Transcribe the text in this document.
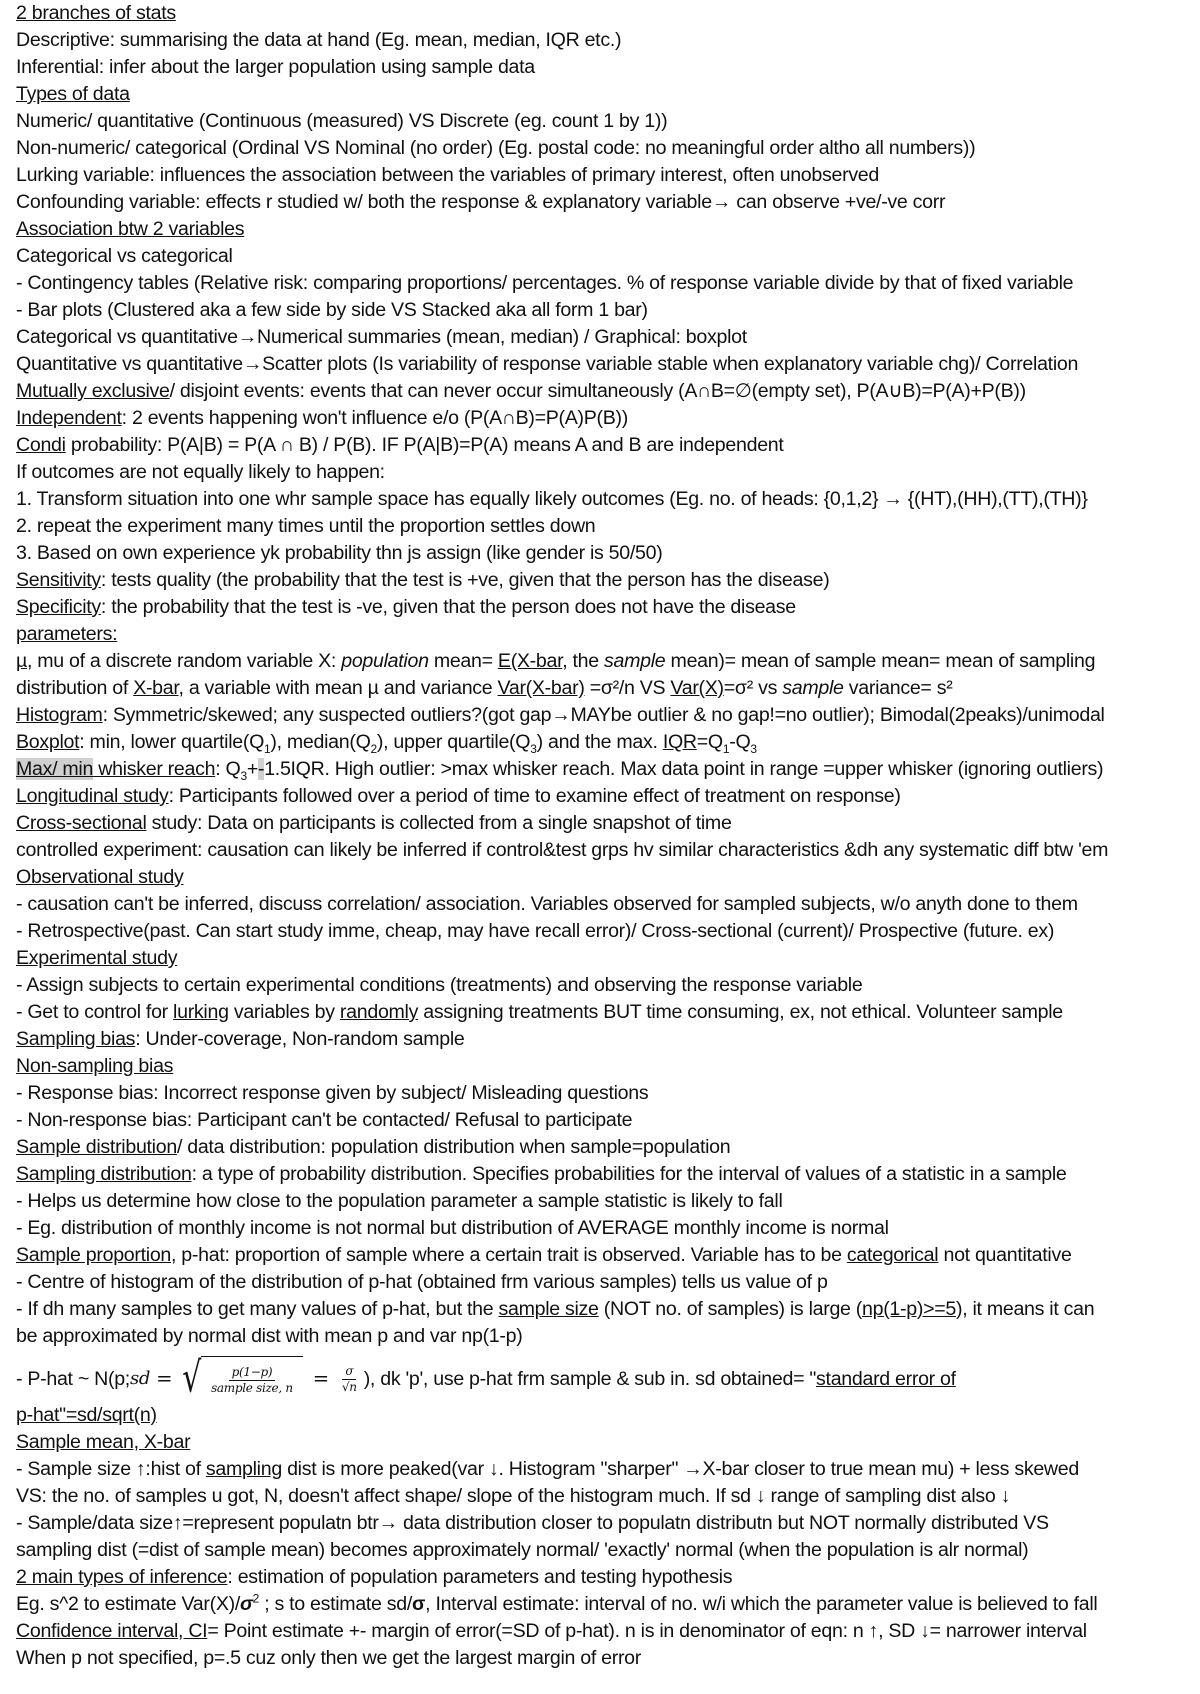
2 branches of stats
Descriptive: summarising the data at hand (Eg. mean, median, IQR etc.)
Inferential: infer about the larger population using sample data
Types of data
Numeric/ quantitative (Continuous (measured) VS Discrete (eg. count 1 by 1))
Non-numeric/ categorical (Ordinal VS Nominal (no order) (Eg. postal code: no meaningful order altho all numbers))
Lurking variable: influences the association between the variables of primary interest, often unobserved
Confounding variable: effects r studied w/ both the response & explanatory variable→ can observe +ve/-ve corr
Association btw 2 variables
Categorical vs categorical
- Contingency tables (Relative risk: comparing proportions/ percentages. % of response variable divide by that of fixed variable
- Bar plots (Clustered aka a few side by side VS Stacked aka all form 1 bar)
Categorical vs quantitative→Numerical summaries (mean, median) / Graphical: boxplot
Quantitative vs quantitative→Scatter plots (Is variability of response variable stable when explanatory variable chg)/ Correlation
Mutually exclusive/ disjoint events: events that can never occur simultaneously (A∩B=∅(empty set), P(A∪B)=P(A)+P(B))
Independent: 2 events happening won't influence e/o (P(A∩B)=P(A)P(B))
Condi probability: P(A|B) = P(A ∩ B) / P(B). IF P(A|B)=P(A) means A and B are independent
If outcomes are not equally likely to happen:
1. Transform situation into one whr sample space has equally likely outcomes (Eg. no. of heads: {0,1,2} → {(HT),(HH),(TT),(TH)}
2. repeat the experiment many times until the proportion settles down
3. Based on own experience yk probability thn js assign (like gender is 50/50)
Sensitivity: tests quality (the probability that the test is +ve, given that the person has the disease)
Specificity: the probability that the test is -ve, given that the person does not have the disease
parameters:
µ, mu of a discrete random variable X: population mean= E(X-bar, the sample mean)= mean of sample mean= mean of sampling
distribution of X-bar, a variable with mean µ and variance Var(X-bar) =σ²/n VS Var(X)=σ² vs sample variance= s²
Histogram: Symmetric/skewed; any suspected outliers?(got gap→MAYbe outlier & no gap!=no outlier); Bimodal(2peaks)/unimodal
Boxplot: min, lower $quartile(Q_1)$, $median(Q_2)$, upper $quartile(Q_3)$ and the max. $IQR=Q_1-Q_3$
Max/ min whisker reach: $Q_3+-1.5IQR$. High outlier: >max whisker reach. Max data point in range =upper whisker (ignoring outliers)
Longitudinal study: Participants followed over a period of time to examine effect of treatment on response)
Cross-sectional study: Data on participants is collected from a single snapshot of time
controlled experiment: causation can likely be inferred if control&test grps hv similar characteristics &dh any systematic diff btw 'em
Observational study
- causation can't be inferred, discuss correlation/ association. Variables observed for sampled subjects, w/o anyth done to them
- Retrospective(past. Can start study imme, cheap, may have recall error)/ Cross-sectional (current)/ Prospective (future. ex)
Experimental study
- Assign subjects to certain experimental conditions (treatments) and observing the response variable
- Get to control for lurking variables by randomly assigning treatments BUT time consuming, ex, not ethical. Volunteer sample
Sampling bias: Under-coverage, Non-random sample
Non-sampling bias
- Response bias: Incorrect response given by subject/ Misleading questions
- Non-response bias: Participant can't be contacted/ Refusal to participate
Sample distribution/ data distribution: population distribution when sample=population
Sampling distribution: a type of probability distribution. Specifies probabilities for the interval of values of a statistic in a sample
- Helps us determine how close to the population parameter a sample statistic is likely to fall
- Eg. distribution of monthly income is not normal but distribution of AVERAGE monthly income is normal
Sample proportion, p-hat: proportion of sample where a certain trait is observed. Variable has to be categorical not quantitative
- Centre of histogram of the distribution of p-hat (obtained frm various samples) tells us value of p
- If dh many samples to get many values of p-hat, but the sample size (NOT no. of samples) is large (np(1-p)>=5), it means it can
be approximated by normal dist with mean p and var np(1-p)
- P-hat ~ N(p; sd = √ $\frac{p(1-p)}{\text{sample size, n}} = \frac{\sigma}{√n}$ ), dk 'p', use p-hat frm sample & sub in. sd obtained= " standard error of
p-hat"=sd/sqrt(n)
Sample mean, X-bar
- Sample size ↑:hist of sampling dist is more peaked(var ↓. Histogram "sharper" →X-bar closer to true mean mu) + less skewed
VS: the no. of samples u got, N, doesn't affect shape/ slope of the histogram much. If sd ↓ range of sampling dist also ↓
- Sample/data size↑=represent populatn btr→ data distribution closer to populatn distributn but NOT normally distributed VS
sampling dist (=dist of sample mean) becomes approximately normal/ 'exactly' normal (when the population is alr normal)
2 main types of inference: estimation of population parameters and testing hypothesis
Eg. s^2 to estimate $Var(X)/\sigma^2$ ; s to estimate sd/σ, Interval estimate: interval of no. w/i which the parameter value is believed to fall
Confidence interval, CI= Point estimate +- margin of error(=SD of p-hat). n is in denominator of eqn: n ↑, SD ↓= narrower interval
When p not specified, p=.5 cuz only then we get the largest margin of error
